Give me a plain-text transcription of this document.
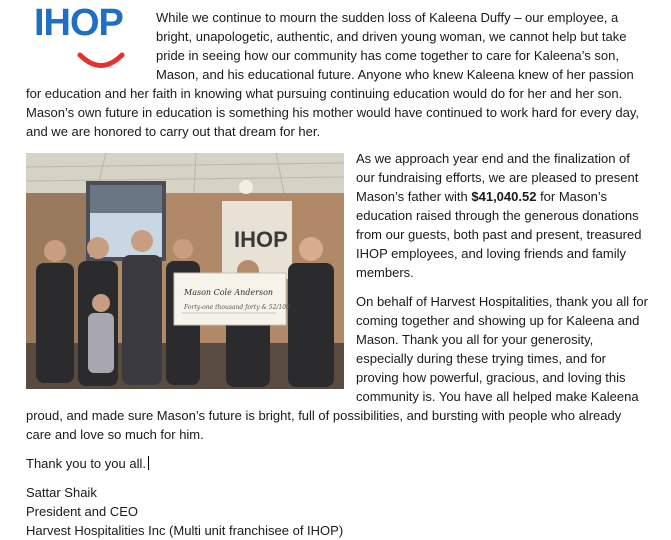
IHOP	While we continue to mourn the sudden loss of Kaleena Duffy – our employee, a bright, unapologetic, authentic, and driven young woman, we cannot help but take pride in seeing how our community has come together to care for Kaleena’s son, Mason, and his educational future. Anyone who knew Kaleena knew of her passion for education and her faith in knowing what pursuing continuing education would do for her and her son. Mason’s own future in education is something his mother would have continued to work hard for every day, and we are honored to carry out that dream for her.

IHOP
Mason Cole Anderson
Forty-one thousand forty & 52/100

As we approach year end and the finalization of our fundraising efforts, we are pleased to present Mason’s father with $41,040.52 for Mason’s education raised through the generous donations from our guests, both past and present, treasured IHOP employees, and loving friends and family members.

On behalf of Harvest Hospitalities, thank you all for coming together and showing up for Kaleena and Mason. Thank you all for your generosity, especially during these trying times, and for proving how powerful, gracious, and loving this community is. You have all helped make Kaleena proud, and made sure Mason’s future is bright, full of possibilities, and bursting with people who already care and love so much for him.

Thank you to you all.

Sattar Shaik
President and CEO
Harvest Hospitalities Inc (Multi unit franchisee of IHOP)
